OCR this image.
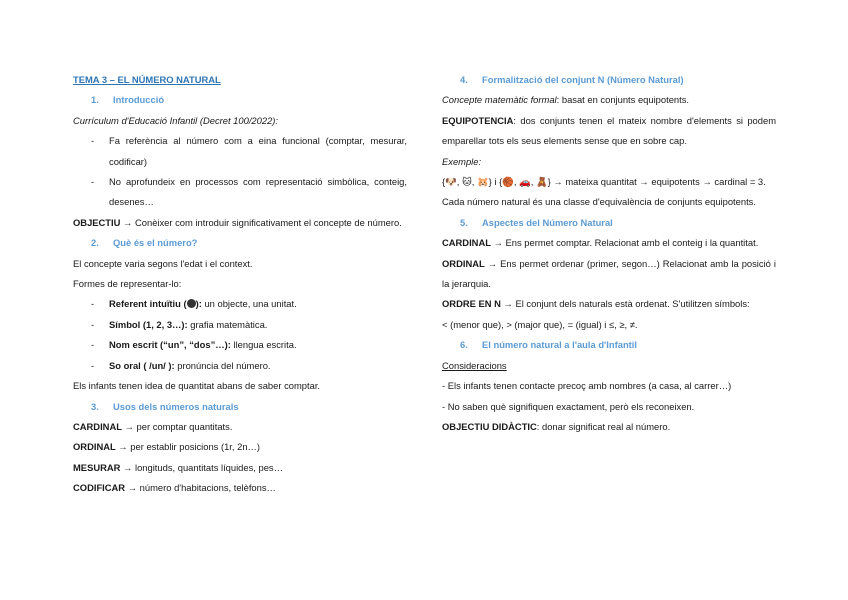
TEMA 3 – EL NÚMERO NATURAL
1. Introducció
Currículum d'Educació Infantil (Decret 100/2022):
-	Fa referència al número com a eina funcional (comptar, mesurar, codificar)
-	No aprofundeix en processos com representació simbòlica, conteig, desenes…
OBJECTIU → Conèixer com introduir significativament el concepte de número.
2. Què és el número?
El concepte varia segons l'edat i el context.
Formes de representar-lo:
-	Referent intuïtiu ( ): un objecte, una unitat.
-	Símbol (1, 2, 3…): grafia matemàtica.
-	Nom escrit (“un”, “dos”…): llengua escrita.
-	So oral ( /un/ ): pronúncia del número.
Els infants tenen idea de quantitat abans de saber comptar.
3. Usos dels números naturals
CARDINAL → per comptar quantitats.
ORDINAL → per establir posicions (1r, 2n…)
MESURAR → longituds, quantitats líquides, pes…
CODIFICAR → número d'habitacions, telèfons…
4. Formalització del conjunt N (Número Natural)
Concepte matemàtic formal: basat en conjunts equipotents.
EQUIPOTENCIA: dos conjunts tenen el mateix nombre d'elements si podem emparellar tots els seus elements sense que en sobre cap.
Exemple:
{🐶, 🐱, 🐹} i {🏀, 🚗, 🧸} → mateixa quantitat → equipotents → cardinal = 3.
Cada número natural és una classe d'equivalència de conjunts equipotents.
5. Aspectes del Número Natural
CARDINAL → Ens permet comptar. Relacionat amb el conteig i la quantitat.
ORDINAL → Ens permet ordenar (primer, segon…) Relacionat amb la posició i la jerarquia.
ORDRE EN N → El conjunt dels naturals està ordenat. S'utilitzen símbols:
< (menor que), > (major que), = (igual) i ≤, ≥, ≠.
6. El número natural a l'aula d'Infantil
Consideracions
- Els infants tenen contacte precoç amb nombres (a casa, al carrer…)
- No saben què signifiquen exactament, però els reconeixen.
OBJECTIU DIDÀCTIC: donar significat real al número.
